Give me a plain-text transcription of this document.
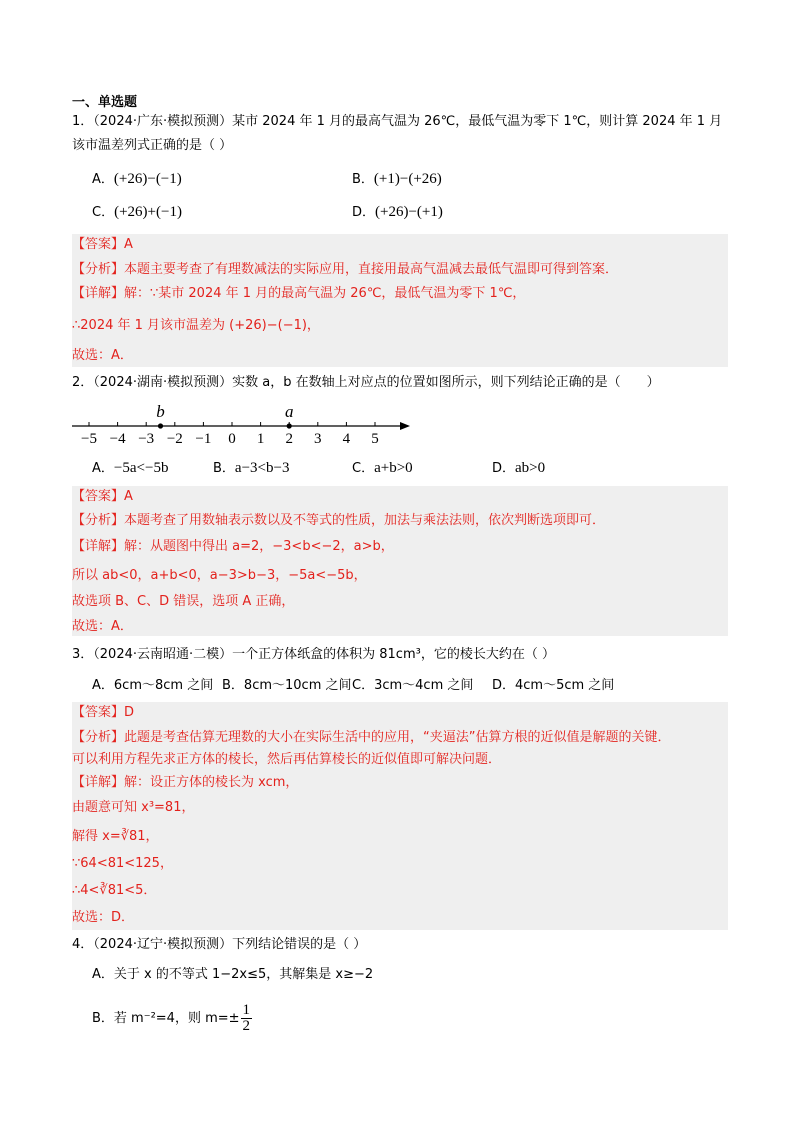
一、单选题
1．（2024·广东·模拟预测）某市 2024 年 1 月的最高气温为 26℃，最低气温为零下 1℃，则计算 2024 年 1 月
该市温差列式正确的是（ ）
A．(+26)−(−1)	B．(+1)−(+26)
C．(+26)+(−1)	D．(+26)−(+1)
【答案】A
【分析】本题主要考查了有理数减法的实际应用，直接用最高气温减去最低气温即可得到答案．
【详解】解：∵某市 2024 年 1 月的最高气温为 26℃，最低气温为零下 1℃，
∴2024 年 1 月该市温差为 (+26)−(−1)，
故选：A．
2．（2024·湖南·模拟预测）实数 a，b 在数轴上对应点的位置如图所示，则下列结论正确的是（　　）
−5 −4 −3 −2 −1 0 1 2 3 4 5
b	a
A．−5a<−5b	B．a−3<b−3	C．a+b>0	D．ab>0
【答案】A
【分析】本题考查了用数轴表示数以及不等式的性质，加法与乘法法则，依次判断选项即可．
【详解】解：从题图中得出 a=2，−3<b<−2，a>b，
所以 ab<0，a+b<0，a−3>b−3，−5a<−5b，
故选项 B、C、D 错误，选项 A 正确，
故选：A．
3．（2024·云南昭通·二模）一个正方体纸盒的体积为 81cm³，它的棱长大约在（ ）
A．6cm～8cm 之间 B．8cm～10cm 之间 C．3cm～4cm 之间 D．4cm～5cm 之间
【答案】D
【分析】此题是考查估算无理数的大小在实际生活中的应用，“夹逼法”估算方根的近似值是解题的关键．
可以利用方程先求正方体的棱长，然后再估算棱长的近似值即可解决问题．
【详解】解：设正方体的棱长为 xcm，
由题意可知 x³=81，
解得 x=∛81，
∵64<81<125，
∴4<∛81<5．
故选：D．
4．（2024·辽宁·模拟预测）下列结论错误的是（ ）
A．关于 x 的不等式 1−2x≤5，其解集是 x≥−2
B．若 m⁻²=4，则 $m=\pm \frac{1}{2}$
